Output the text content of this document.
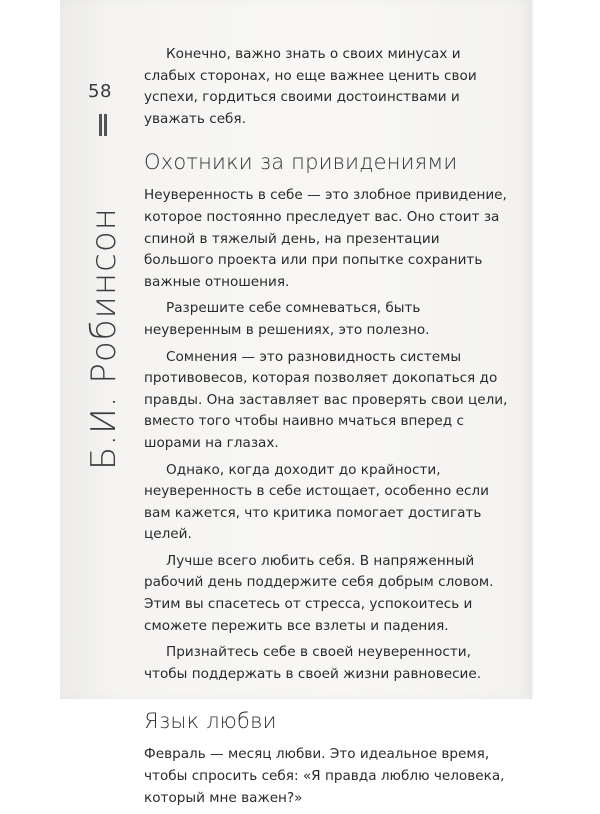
58
Б.И. Робинсон

Конечно, важно знать о своих минусах и слабых сторонах, но еще важнее ценить свои успехи, гордиться своими достоинствами и уважать себя.

Охотники за привидениями

Неуверенность в себе — это злобное привидение, которое постоянно преследует вас. Оно стоит за спиной в тяжелый день, на презентации большого проекта или при попытке сохранить важные отношения.

Разрешите себе сомневаться, быть неуверенным в решениях, это полезно.

Сомнения — это разновидность системы противовесов, которая позволяет докопаться до правды. Она заставляет вас проверять свои цели, вместо того чтобы наивно мчаться вперед с шорами на глазах.

Однако, когда доходит до крайности, неуверенность в себе истощает, особенно если вам кажется, что критика помогает достигать целей.

Лучше всего любить себя. В напряженный рабочий день поддержите себя добрым словом. Этим вы спасетесь от стресса, успокоитесь и сможете пережить все взлеты и падения.

Признайтесь себе в своей неуверенности, чтобы поддержать в своей жизни равновесие.

Язык любви

Февраль — месяц любви. Это идеальное время, чтобы спросить себя: «Я правда люблю человека, который мне важен?»
